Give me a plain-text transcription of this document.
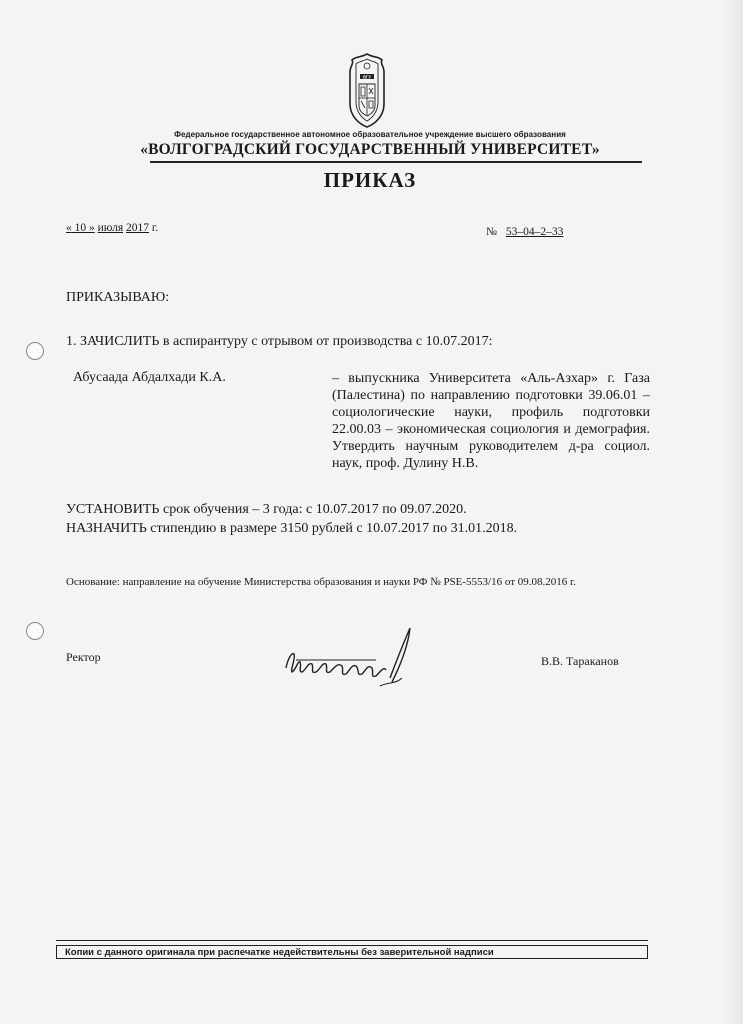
ВГУ
Федеральное государственное автономное образовательное учреждение высшего образования
«ВОЛГОГРАДСКИЙ ГОСУДАРСТВЕННЫЙ УНИВЕРСИТЕТ»
ПРИКАЗ
« 10 » июля 2017 г.	№ 53–04–2–33
ПРИКАЗЫВАЮ:
1. ЗАЧИСЛИТЬ в аспирантуру с отрывом от производства с 10.07.2017:
Абусаада Абдалхади К.А.	– выпускника Университета «Аль-Азхар» г. Газа (Палестина) по направлению подготовки 39.06.01 – социологические науки, профиль подготовки 22.00.03 – экономическая социология и демография. Утвердить научным руководителем д-ра социол. наук, проф. Дулину Н.В.
УСТАНОВИТЬ срок обучения – 3 года: с 10.07.2017 по 09.07.2020.
НАЗНАЧИТЬ стипендию в размере 3150 рублей с 10.07.2017 по 31.01.2018.
Основание: направление на обучение Министерства образования и науки РФ № PSE-5553/16 от 09.08.2016 г.
Ректор	В.В. Тараканов
Копии с данного оригинала при распечатке недействительны без заверительной надписи
